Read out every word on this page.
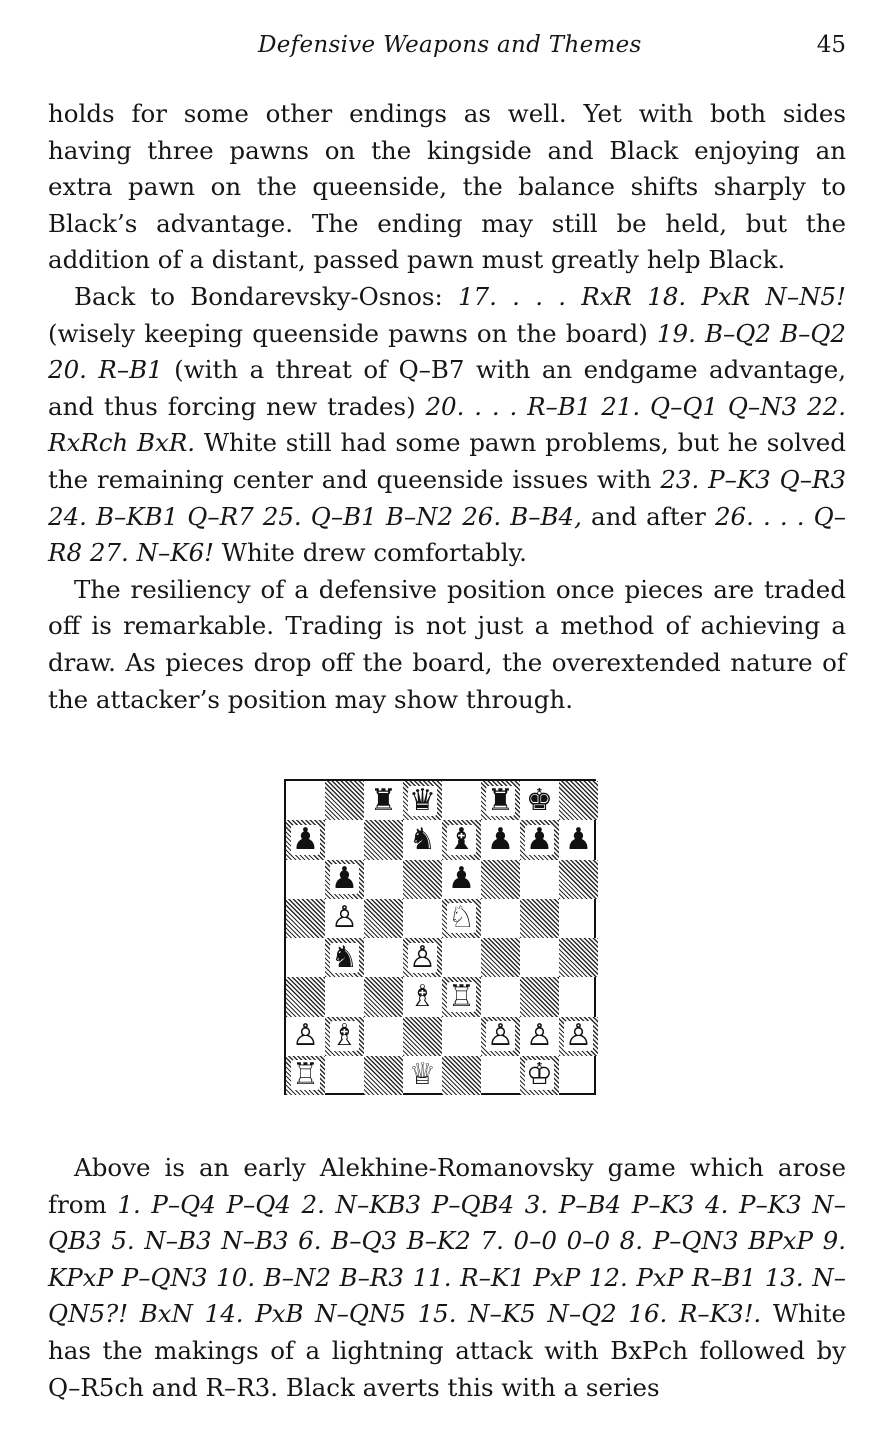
Defensive Weapons and Themes	45

holds for some other endings as well. Yet with both sides having three pawns on the kingside and Black enjoying an extra pawn on the queenside, the balance shifts sharply to Black’s advantage. The ending may still be held, but the addition of a distant, passed pawn must greatly help Black.

Back to Bondarevsky-Osnos: 17. . . . RxR 18. PxR N–N5! (wisely keeping queenside pawns on the board) 19. B–Q2 B–Q2 20. R–B1 (with a threat of Q–B7 with an endgame advantage, and thus forcing new trades) 20. . . . R–B1 21. Q–Q1 Q–N3 22. RxRch BxR. White still had some pawn problems, but he solved the remaining center and queenside issues with 23. P–K3 Q–R3 24. B–KB1 Q–R7 25. Q–B1 B–N2 26. B–B4, and after 26. . . . Q–R8 27. N–K6! White drew comfortably.

The resiliency of a defensive position once pieces are traded off is remarkable. Trading is not just a method of achieving a draw. As pieces drop off the board, the overextended nature of the attacker’s position may show through.

♜ ♛ ♜ ♚
♟	♞ ♝ ♟ ♟ ♟
♟	♟
♙	♘
♞ ♙
♗ ♖
♙ ♗	♙ ♙ ♙
♖	♕	♔

Above is an early Alekhine-Romanovsky game which arose from 1. P–Q4 P–Q4 2. N–KB3 P–QB4 3. P–B4 P–K3 4. P–K3 N–QB3 5. N–B3 N–B3 6. B–Q3 B–K2 7. 0–0 0–0 8. P–QN3 BPxP 9. KPxP P–QN3 10. B–N2 B–R3 11. R–K1 PxP 12. PxP R–B1 13. N–QN5?! BxN 14. PxB N–QN5 15. N–K5 N–Q2 16. R–K3!. White has the makings of a lightning attack with BxPch followed by Q–R5ch and R–R3. Black averts this with a series
